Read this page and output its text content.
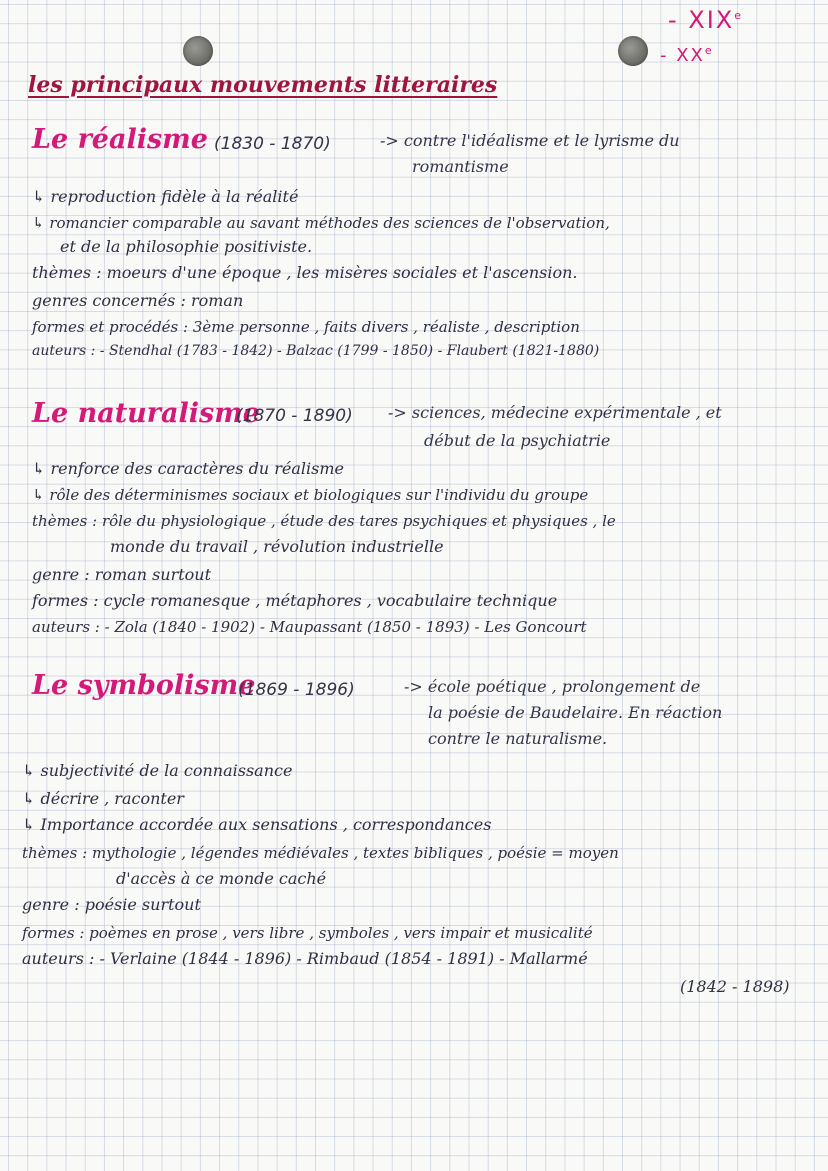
- XIXe
- XXe
les principaux mouvements litteraires
Le réalisme (1830 - 1870)	-> contre l'idéalisme et le lyrisme du
romantisme
↳ reproduction fidèle à la réalité
↳ romancier comparable au savant méthodes des sciences de l'observation,
et de la philosophie positiviste.
thèmes : moeurs d'une époque , les misères sociales et l'ascension.
genres concernés : roman
formes et procédés : 3ème personne , faits divers , réaliste , description
auteurs : - Stendhal (1783 - 1842) - Balzac (1799 - 1850) - Flaubert (1821-1880)
Le naturalisme
(1870 - 1890) -> sciences, médecine expérimentale , et
début de la psychiatrie
↳ renforce des caractères du réalisme
↳ rôle des déterminismes sociaux et biologiques sur l'individu du groupe
thèmes : rôle du physiologique , étude des tares psychiques et physiques , le
monde du travail , révolution industrielle
genre : roman surtout
formes : cycle romanesque , métaphores , vocabulaire technique
auteurs : - Zola (1840 - 1902) - Maupassant (1850 - 1893) - Les Goncourt
Le symbolisme
(1869 - 1896)	-> école poétique , prolongement de
la poésie de Baudelaire. En réaction
contre le naturalisme.
↳ subjectivité de la connaissance
↳ décrire , raconter
↳ Importance accordée aux sensations , correspondances
thèmes : mythologie , légendes médiévales , textes bibliques , poésie = moyen
d'accès à ce monde caché
genre : poésie surtout
formes : poèmes en prose , vers libre , symboles , vers impair et musicalité
auteurs : - Verlaine (1844 - 1896) - Rimbaud (1854 - 1891) - Mallarmé
(1842 - 1898)
